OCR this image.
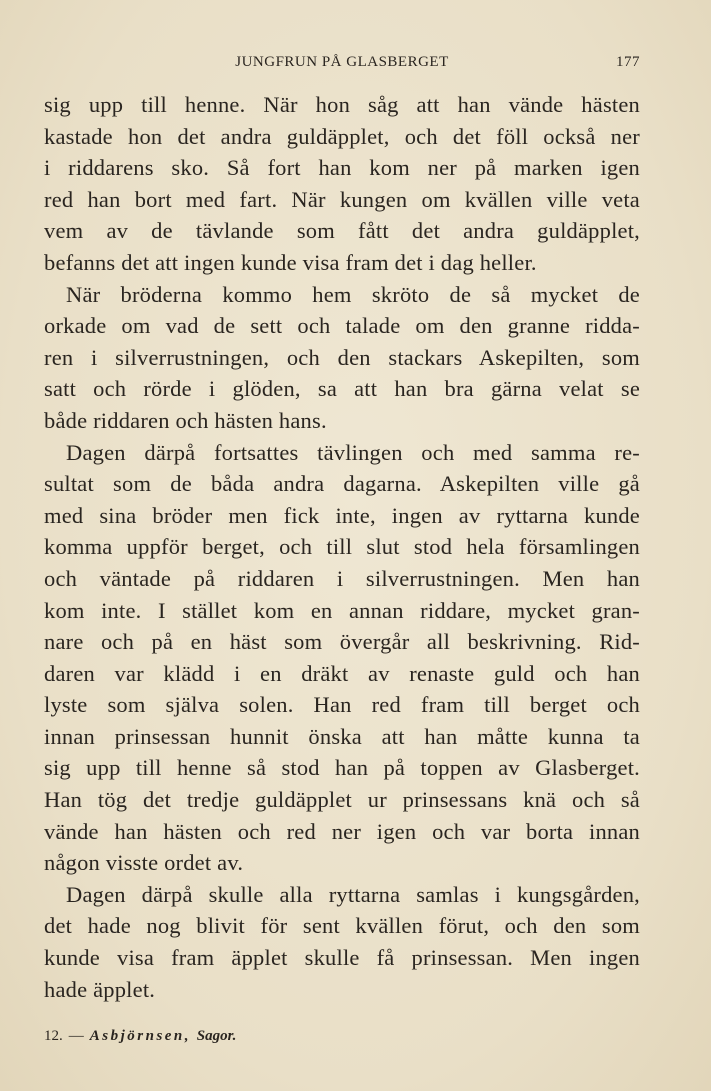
JUNGFRUN PÅ GLASBERGET	177
sig upp till henne. När hon såg att han vände hästen
kastade hon det andra guldäpplet, och det föll också ner
i riddarens sko. Så fort han kom ner på marken igen
red han bort med fart. När kungen om kvällen ville veta
vem av de tävlande som fått det andra guldäpplet,
befanns det att ingen kunde visa fram det i dag heller.
När bröderna kommo hem skröto de så mycket de
orkade om vad de sett och talade om den granne ridda-
ren i silverrustningen, och den stackars Askepilten, som
satt och rörde i glöden, sa att han bra gärna velat se
både riddaren och hästen hans.
Dagen därpå fortsattes tävlingen och med samma re-
sultat som de båda andra dagarna. Askepilten ville gå
med sina bröder men fick inte, ingen av ryttarna kunde
komma uppför berget, och till slut stod hela församlingen
och väntade på riddaren i silverrustningen. Men han
kom inte. I stället kom en annan riddare, mycket gran-
nare och på en häst som övergår all beskrivning. Rid-
daren var klädd i en dräkt av renaste guld och han
lyste som själva solen. Han red fram till berget och
innan prinsessan hunnit önska att han måtte kunna ta
sig upp till henne så stod han på toppen av Glasberget.
Han tög det tredje guldäpplet ur prinsessans knä och så
vände han hästen och red ner igen och var borta innan
någon visste ordet av.
Dagen därpå skulle alla ryttarna samlas i kungsgården,
det hade nog blivit för sent kvällen förut, och den som
kunde visa fram äpplet skulle få prinsessan. Men ingen
hade äpplet.
12. — Asbjörnsen, Sagor.
